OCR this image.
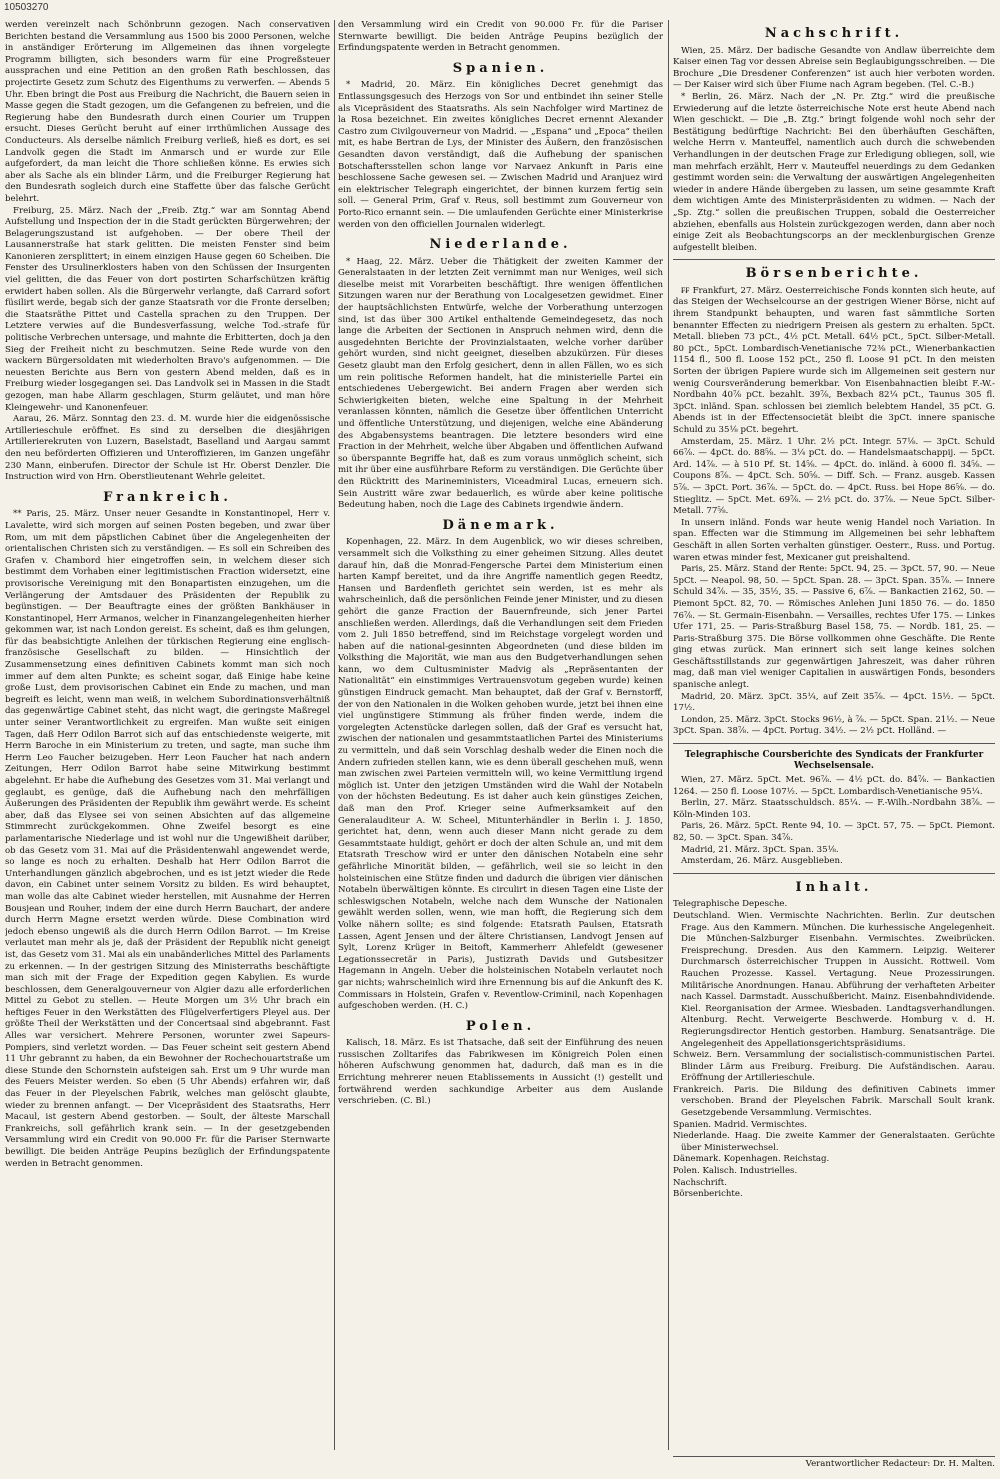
10503270

werden vereinzelt nach Schönbrunn gezogen. Nach conservativen Berichten bestand die Versammlung aus 1500 bis 2000 Personen, welche in anständiger Erörterung im Allgemeinen das ihnen vorgelegte Programm billigten, sich besonders warm für eine Progreßsteuer aussprachen und eine Petition an den großen Rath beschlossen, das projectirte Gesetz zum Schutz des Eigenthums zu verwerfen. — Abends 5 Uhr. Eben bringt die Post aus Freiburg die Nachricht, die Bauern seien in Masse gegen die Stadt gezogen, um die Gefangenen zu befreien, und die Regierung habe den Bundesrath durch einen Courier um Truppen ersucht. Dieses Gerücht beruht auf einer irrthümlichen Aussage des Conducteurs. Als derselbe nämlich Freiburg verließ, hieß es dort, es sei Landvolk gegen die Stadt im Anmarsch und er wurde zur Eile aufgefordert, da man leicht die Thore schließen könne. Es erwies sich aber als Sache als ein blinder Lärm, und die Freiburger Regierung hat den Bundesrath sogleich durch eine Staffette über das falsche Gerücht belehrt.

Freiburg, 25. März. Nach der „Freib. Ztg.“ war am Sonntag Abend Aufstellung und Inspection der in die Stadt gerückten Bürgerwehren; der Belagerungszustand ist aufgehoben. — Der obere Theil der Lausannerstraße hat stark gelitten. Die meisten Fenster sind beim Kanonieren zersplittert; in einem einzigen Hause gegen 60 Scheiben. Die Fenster des Ursulinerklosters haben von den Schüssen der Insurgenten viel gelitten, die das Feuer von dort postirten Scharfschützen kräftig erwidert haben sollen. Als die Bürgerwehr verlangte, daß Carrard sofort füsilirt werde, begab sich der ganze Staatsrath vor die Fronte derselben; die Staatsräthe Pittet und Castella sprachen zu den Truppen. Der Letztere verwies auf die Bundesverfassung, welche Tod.-strafe für politische Verbrechen untersage, und mahnte die Erbitterten, doch ja den Sieg der Freiheit nicht zu beschmutzen. Seine Rede wurde von den wackern Bürgersoldaten mit wiederholten Bravo's aufgenommen. — Die neuesten Berichte aus Bern von gestern Abend melden, daß es in Freiburg wieder losgegangen sei. Das Landvolk sei in Massen in die Stadt gezogen, man habe Allarm geschlagen, Sturm geläutet, und man höre Kleingewehr- und Kanonenfeuer.

Aarau, 26. März. Sonntag den 23. d. M. wurde hier die eidgenössische Artillerieschule eröffnet. Es sind zu derselben die diesjährigen Artillerierekruten von Luzern, Baselstadt, Baselland und Aargau sammt den neu beförderten Offizieren und Unteroffizieren, im Ganzen ungefähr 230 Mann, einberufen. Director der Schule ist Hr. Oberst Denzler. Die Instruction wird von Hrn. Oberstlieutenant Wehrle geleitet.

Frankreich.

** Paris, 25. März. Unser neuer Gesandte in Konstantinopel, Herr v. Lavalette, wird sich morgen auf seinen Posten begeben, und zwar über Rom, um mit dem päpstlichen Cabinet über die Angelegenheiten der orientalischen Christen sich zu verständigen. — Es soll ein Schreiben des Grafen v. Chambord hier eingetroffen sein, in welchem dieser sich bestimmt dem Vorhaben einer legitimistischen Fraction widersetzt, eine provisorische Vereinigung mit den Bonapartisten einzugehen, um die Verlängerung der Amtsdauer des Präsidenten der Republik zu begünstigen. — Der Beauftragte eines der größten Bankhäuser in Konstantinopel, Herr Armanos, welcher in Finanzangelegenheiten hierher gekommen war, ist nach London gereist. Es scheint, daß es ihm gelungen, für das beabsichtigte Anleihen der türkischen Regierung eine englisch-französische Gesellschaft zu bilden. — Hinsichtlich der Zusammensetzung eines definitiven Cabinets kommt man sich noch immer auf dem alten Punkte; es scheint sogar, daß Einige habe keine große Lust, dem provisorischen Cabinet ein Ende zu machen, und man begreift es leicht, wenn man weiß, in welchem Subordinationsverhältniß das gegenwärtige Cabinet steht, das nicht wagt, die geringste Maßregel unter seiner Verantwortlichkeit zu ergreifen. Man wußte seit einigen Tagen, daß Herr Odilon Barrot sich auf das entschiedenste weigerte, mit Herrn Baroche in ein Ministerium zu treten, und sagte, man suche ihm Herrn Leo Faucher beizugeben. Herr Leon Faucher hat nach andern Zeitungen, Herr Odilon Barrot habe seine Mitwirkung bestimmt abgelehnt. Er habe die Aufhebung des Gesetzes vom 31. Mai verlangt und geglaubt, es genüge, daß die Aufhebung nach den mehrfälligen Äußerungen des Präsidenten der Republik ihm gewährt werde. Es scheint aber, daß das Elysee sei von seinen Absichten auf das allgemeine Stimmrecht zurückgekommen. Ohne Zweifel besorgt es eine parlamentarische Niederlage und ist wohl nur die Ungewißheit darüber, ob das Gesetz vom 31. Mai auf die Präsidentenwahl angewendet werde, so lange es noch zu erhalten. Deshalb hat Herr Odilon Barrot die Unterhandlungen gänzlich abgebrochen, und es ist jetzt wieder die Rede davon, ein Cabinet unter seinem Vorsitz zu bilden. Es wird behauptet, man wolle das alte Cabinet wieder herstellen, mit Ausnahme der Herren Bousjean und Rouher, indem der eine durch Herrn Bauchart, der andere durch Herrn Magne ersetzt werden würde. Diese Combination wird jedoch ebenso ungewiß als die durch Herrn Odilon Barrot. — Im Kreise verlautet man mehr als je, daß der Präsident der Republik nicht geneigt ist, das Gesetz vom 31. Mai als ein unabänderliches Mittel des Parlaments zu erkennen. — In der gestrigen Sitzung des Ministerraths beschäftigte man sich mit der Frage der Expedition gegen Kabylien. Es wurde beschlossen, dem Generalgouverneur von Algier dazu alle erforderlichen Mittel zu Gebot zu stellen. — Heute Morgen um 3½ Uhr brach ein heftiges Feuer in den Werkstätten des Flügelverfertigers Pleyel aus. Der größte Theil der Werkstätten und der Concertsaal sind abgebrannt. Fast Alles war versichert. Mehrere Personen, worunter zwei Sapeurs-Pompiers, sind verletzt worden. — Das Feuer scheint seit gestern Abend 11 Uhr gebrannt zu haben, da ein Bewohner der Rochechouartstraße um diese Stunde den Schornstein aufsteigen sah. Erst um 9 Uhr wurde man des Feuers Meister werden. So eben (5 Uhr Abends) erfahren wir, daß das Feuer in der Pleyelschen Fabrik, welches man gelöscht glaubte, wieder zu brennen anfangt. — Der Vicepräsident des Staatsraths, Herr Macaul, ist gestern Abend gestorben. — Soult, der älteste Marschall Frankreichs, soll gefährlich krank sein. — In der gesetzgebenden Versammlung wird ein Credit von 90.000 Fr. für die Pariser Sternwarte bewilligt. Die beiden Anträge Peupins bezüglich der Erfindungspatente werden in Betracht genommen.

den Versammlung wird ein Credit von 90.000 Fr. für die Pariser Sternwarte bewilligt. Die beiden Anträge Peupins bezüglich der Erfindungspatente werden in Betracht genommen.

Spanien.

* Madrid, 20. März. Ein königliches Decret genehmigt das Entlassungsgesuch des Herzogs von Sor und entbindet ihn seiner Stelle als Vicepräsident des Staatsraths. Als sein Nachfolger wird Martinez de la Rosa bezeichnet. Ein zweites königliches Decret ernennt Alexander Castro zum Civilgouverneur von Madrid. — „Espana“ und „Epoca“ theilen mit, es habe Bertran de Lys, der Minister des Äußern, den französischen Gesandten davon verständigt, daß die Aufhebung der spanischen Botschaftersstellen schon lange vor Narvaez Ankunft in Paris eine beschlossene Sache gewesen sei. — Zwischen Madrid und Aranjuez wird ein elektrischer Telegraph eingerichtet, der binnen kurzem fertig sein soll. — General Prim, Graf v. Reus, soll bestimmt zum Gouverneur von Porto-Rico ernannt sein. — Die umlaufenden Gerüchte einer Ministerkrise werden von den officiellen Journalen widerlegt.

Niederlande.

* Haag, 22. März. Ueber die Thätigkeit der zweiten Kammer der Generalstaaten in der letzten Zeit vernimmt man nur Weniges, weil sich dieselbe meist mit Vorarbeiten beschäftigt. Ihre wenigen öffentlichen Sitzungen waren nur der Berathung von Localgesetzen gewidmet. Einer der hauptsächlichsten Entwürfe, welche der Vorberathung unterzogen sind, ist das über 300 Artikel enthaltende Gemeindegesetz, das noch lange die Arbeiten der Sectionen in Anspruch nehmen wird, denn die ausgedehnten Berichte der Provinzialstaaten, welche vorher darüber gehört wurden, sind nicht geeignet, dieselben abzukürzen. Für dieses Gesetz glaubt man den Erfolg gesichert, denn in allen Fällen, wo es sich um rein politische Reformen handelt, hat die ministerielle Partei ein entschiedenes Uebergewicht. Bei andern Fragen aber werden sich Schwierigkeiten bieten, welche eine Spaltung in der Mehrheit veranlassen könnten, nämlich die Gesetze über öffentlichen Unterricht und öffentliche Unterstützung, und diejenigen, welche eine Abänderung des Abgabensystems beantragen. Die letztere besonders wird eine Fraction in der Mehrheit, welche über Abgaben und öffentlichen Aufwand so überspannte Begriffe hat, daß es zum voraus unmöglich scheint, sich mit ihr über eine ausführbare Reform zu verständigen. Die Gerüchte über den Rücktritt des Marineministers, Viceadmiral Lucas, erneuern sich. Sein Austritt wäre zwar bedauerlich, es würde aber keine politische Bedeutung haben, noch die Lage des Cabinets irgendwie ändern.

Dänemark.

Kopenhagen, 22. März. In dem Augenblick, wo wir dieses schreiben, versammelt sich die Volksthing zu einer geheimen Sitzung. Alles deutet darauf hin, daß die Monrad-Fengersche Partei dem Ministerium einen harten Kampf bereitet, und da ihre Angriffe namentlich gegen Reedtz, Hansen und Bardenfleth gerichtet sein werden, ist es mehr als wahrscheinlich, daß die persönlichen Feinde jener Minister, und zu diesen gehört die ganze Fraction der Bauernfreunde, sich jener Partei anschließen werden. Allerdings, daß die Verhandlungen seit dem Frieden vom 2. Juli 1850 betreffend, sind im Reichstage vorgelegt worden und haben auf die national-gesinnten Abgeordneten (und diese bilden im Volksthing die Majorität, wie man aus den Budgetverhandlungen sehen kann, wo dem Cultusminister Madvig als „Repräsentanten der Nationalität“ ein einstimmiges Vertrauensvotum gegeben wurde) keinen günstigen Eindruck gemacht. Man behauptet, daß der Graf v. Bernstorff, der von den Nationalen in die Wolken gehoben wurde, jetzt bei ihnen eine viel ungünstigere Stimmung als früher finden werde, indem die vorgelegten Actenstücke darlegen sollen, daß der Graf es versucht hat, zwischen der nationalen und gesammtstaatlichen Partei des Ministeriums zu vermitteln, und daß sein Vorschlag deshalb weder die Einen noch die Andern zufrieden stellen kann, wie es denn überall geschehen muß, wenn man zwischen zwei Parteien vermitteln will, wo keine Vermittlung irgend möglich ist. Unter den jetzigen Umständen wird die Wahl der Notabeln von der höchsten Bedeutung. Es ist daher auch kein günstiges Zeichen, daß man den Prof. Krieger seine Aufmerksamkeit auf den Generalauditeur A. W. Scheel, Mitunterhändler in Berlin i. J. 1850, gerichtet hat, denn, wenn auch dieser Mann nicht gerade zu dem Gesammtstaate huldigt, gehört er doch der alten Schule an, und mit dem Etatsrath Treschow wird er unter den dänischen Notabeln eine sehr gefährliche Minorität bilden, — gefährlich, weil sie so leicht in den holsteinischen eine Stütze finden und dadurch die übrigen vier dänischen Notabeln überwältigen könnte. Es circulirt in diesen Tagen eine Liste der schleswigschen Notabeln, welche nach dem Wunsche der Nationalen gewählt werden sollen, wenn, wie man hofft, die Regierung sich dem Volke nähern sollte; es sind folgende: Etatsrath Paulsen, Etatsrath Lassen, Agent Jensen und der ältere Christiansen, Landvogt Jensen auf Sylt, Lorenz Krüger in Beitoft, Kammerherr Ahlefeldt (gewesener Legationssecretär in Paris), Justizrath Davids und Gutsbesitzer Hagemann in Angeln. Ueber die holsteinischen Notabeln verlautet noch gar nichts; wahrscheinlich wird ihre Ernennung bis auf die Ankunft des K. Commissars in Holstein, Grafen v. Reventlow-Criminil, nach Kopenhagen aufgeschoben werden. (H. C.)

Polen.

Kalisch, 18. März. Es ist Thatsache, daß seit der Einführung des neuen russischen Zolltarifes das Fabrikwesen im Königreich Polen einen höheren Aufschwung genommen hat, dadurch, daß man es in die Errichtung mehrerer neuen Etablissements in Aussicht (!) gestellt und fortwährend werden sachkundige Arbeiter aus dem Auslande verschrieben. (C. Bl.)

Nachschrift.

Wien, 25. März. Der badische Gesandte von Andlaw überreichte dem Kaiser einen Tag vor dessen Abreise sein Beglaubigungsschreiben. — Die Brochure „Die Dresdener Conferenzen“ ist auch hier verboten worden. — Der Kaiser wird sich über Fiume nach Agram begeben. (Tel. C.-B.)

* Berlin, 26. März. Nach der „N. Pr. Ztg.“ wird die preußische Erwiederung auf die letzte österreichische Note erst heute Abend nach Wien geschickt. — Die „B. Ztg.“ bringt folgende wohl noch sehr der Bestätigung bedürftige Nachricht: Bei den überhäuften Geschäften, welche Herrn v. Manteuffel, namentlich auch durch die schwebenden Verhandlungen in der deutschen Frage zur Erledigung obliegen, soll, wie man mehrfach erzählt, Herr v. Mauteuffel neuerdings zu dem Gedanken gestimmt worden sein: die Verwaltung der auswärtigen Angelegenheiten wieder in andere Hände übergeben zu lassen, um seine gesammte Kraft dem wichtigen Amte des Ministerpräsidenten zu widmen. — Nach der „Sp. Ztg.“ sollen die preußischen Truppen, sobald die Oesterreicher abziehen, ebenfalls aus Holstein zurückgezogen werden, dann aber noch einige Zeit als Beobachtungscorps an der mecklenburgischen Grenze aufgestellt bleiben.

Börsenberichte.

₣₣ Frankfurt, 27. März. Oesterreichische Fonds konnten sich heute, auf das Steigen der Wechselcourse an der gestrigen Wiener Börse, nicht auf ihrem Standpunkt behaupten, und waren fast sämmtliche Sorten benannter Effecten zu niedrigern Preisen als gestern zu erhalten. 5pCt. Metall. blieben 73 pCt., 4½ pCt. Metall. 64½ pCt., 5pCt. Silber-Metall. 80 pCt., 5pCt. Lombardisch-Venetianische 72⅜ pCt., Wienerbankactien 1154 fl., 500 fl. Loose 152 pCt., 250 fl. Loose 91 pCt. In den meisten Sorten der übrigen Papiere wurde sich im Allgemeinen seit gestern nur wenig Coursveränderung bemerkbar. Von Eisenbahnactien bleibt F.-W.-Nordbahn 40⅞ pCt. bezahlt. 39⅞, Bexbach 82¼ pCt., Taunus 305 fl. 3pCt. inländ. Span. schlossen bei ziemlich belebtem Handel, 35 pCt. G. Abends ist in der Effectensocietät bleibt die 3pCt. innere spanische Schuld zu 35⅛ pCt. begehrt.

Amsterdam, 25. März. 1 Uhr. 2½ pCt. Integr. 57⅛. — 3pCt. Schuld 66⅞. — 4pCt. do. 88⅝. — 3¼ pCt. do. — Handelsmaatschappij. — 5pCt. Ard. 14⅞. — à 510 Pf. St. 14⅝. — 4pCt. do. inländ. à 6000 fl. 34⅝. — Coupons 8⅞. — 4pCt. Sch. 50⅝. — Diff. Sch. — Franz. ausgeb. Kassen 5⅞. — 3pCt. Port. 36⅞. — 5pCt. do. — 4pCt. Russ. bei Hope 86⅝. — do. Stieglitz. — 5pCt. Met. 69⅞. — 2½ pCt. do. 37⅞. — Neue 5pCt. Silber-Metall. 77⅝.

In unsern inländ. Fonds war heute wenig Handel noch Variation. In span. Effecten war die Stimmung im Allgemeinen bei sehr lebhaftem Geschäft in allen Sorten verhalten günstiger. Oesterr., Russ. und Portug. waren etwas minder fest, Mexicaner gut preishaltend.

Paris, 25. März. Stand der Rente: 5pCt. 94, 25. — 3pCt. 57, 90. — Neue 5pCt. — Neapol. 98, 50. — 5pCt. Span. 28. — 3pCt. Span. 35⅞. — Innere Schuld 34⅞. — 35, 35½, 35. — Passive 6, 6⅞. — Bankactien 2162, 50. — Piemont 5pCt. 82, 70. — Römisches Anlehen Juni 1850 76. — do. 1850 76⅞. — St. Germain-Eisenbahn. — Versailles, rechtes Ufer 175. — Linkes Ufer 171, 25. — Paris-Straßburg Basel 158, 75. — Nordb. 181, 25. — Paris-Straßburg 375. Die Börse vollkommen ohne Geschäfte. Die Rente ging etwas zurück. Man erinnert sich seit lange keines solchen Geschäftsstillstands zur gegenwärtigen Jahreszeit, was daher rühren mag, daß man viel weniger Capitalien in auswärtigen Fonds, besonders spanische anlegt.

Madrid, 20. März. 3pCt. 35¼, auf Zeit 35⅞. — 4pCt. 15½. — 5pCt. 17½.

London, 25. März. 3pCt. Stocks 96½, à ⅞. — 5pCt. Span. 21½. — Neue 3pCt. Span. 38⅞. — 4pCt. Portug. 34½. — 2½ pCt. Holländ. —

Telegraphische Coursberichte des Syndicats der Frankfurter Wechselsensale.

Wien, 27. März. 5pCt. Met. 96⅞. — 4½ pCt. do. 84⅞. — Bankactien 1264. — 250 fl. Loose 107½. — 5pCt. Lombardisch-Venetianische 95¼.

Berlin, 27. März. Staatsschuldsch. 85¼. — F.-Wilh.-Nordbahn 38⅞. — Köln-Minden 103.

Paris, 26. März. 5pCt. Rente 94, 10. — 3pCt. 57, 75. — 5pCt. Piemont. 82, 50. — 3pCt. Span. 34⅞.

Madrid, 21. März. 3pCt. Span. 35⅛.

Amsterdam, 26. März. Ausgeblieben.

Inhalt.

Telegraphische Depesche.

Deutschland. Wien. Vermischte Nachrichten. Berlin. Zur deutschen Frage. Aus den Kammern. München. Die kurhessische Angelegenheit. Die München-Salzburger Eisenbahn. Vermischtes. Zweibrücken. Freisprechung. Dresden. Aus den Kammern. Leipzig. Weiterer Durchmarsch österreichischer Truppen in Aussicht. Rottweil. Vom Rauchen Prozesse. Kassel. Vertagung. Neue Prozessirungen. Militärische Anordnungen. Hanau. Abführung der verhafteten Arbeiter nach Kassel. Darmstadt. Ausschußbericht. Mainz. Eisenbahndividende. Kiel. Reorganisation der Armee. Wiesbaden. Landtagsverhandlungen. Altenburg. Recht. Verweigerte Beschwerde. Homburg v. d. H. Regierungsdirector Hentich gestorben. Hamburg. Senatsanträge. Die Angelegenheit des Appellationsgerichtspräsidiums.

Schweiz. Bern. Versammlung der socialistisch-communistischen Partei. Blinder Lärm aus Freiburg. Freiburg. Die Aufständischen. Aarau. Eröffnung der Artillerieschule.

Frankreich. Paris. Die Bildung des definitiven Cabinets immer verschoben. Brand der Pleyelschen Fabrik. Marschall Soult krank. Gesetzgebende Versammlung. Vermischtes.

Spanien. Madrid. Vermischtes.

Niederlande. Haag. Die zweite Kammer der Generalstaaten. Gerüchte über Ministerwechsel.

Dänemark. Kopenhagen. Reichstag.

Polen. Kalisch. Industrielles.

Nachschrift.

Börsenberichte.

Verantwortlicher Redacteur: Dr. H. Malten.
